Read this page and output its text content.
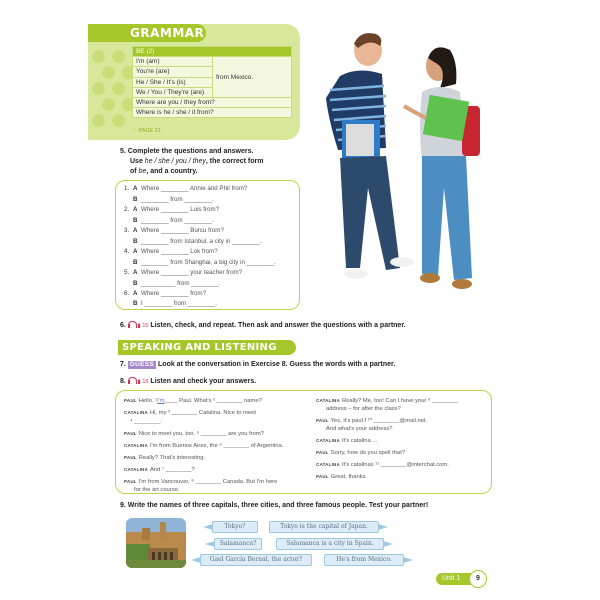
GRAMMAR
BE (2)
I'm (am)	from Mexico.
You're (are)
He / She / It's (is)
We / You / They're (are)
Where are you / they from?
Where is he / she / it from?
☞ PAGE 51
5. Complete the questions and answers.
Use he / she / you / they, the correct form
of be, and a country.
1. A Where ________ Annie and Phil from?
B ________ from ________.
2. A Where ________ Luis from?
B ________ from ________.
3. A Where ________ Burcu from?
B ________ from Istanbul, a city in ________.
4. A Where ________ Lok from?
B ________ from Shanghai, a big city in ________.
5. A Where ________ your teacher from?
B __________ from ________.
6. A Where ________ from?
B I ________ from ________.
6. 1.15 Listen, check, and repeat. Then ask and answer the questions with a partner.
SPEAKING AND LISTENING
7. GUESS Look at the conversation in Exercise 8. Guess the words with a partner.
8. 1.16 Listen and check your answers.
PAUL Hello. ¹I'm____ Paul. What's ² ________ name?
CATALINA Hi, my ³ ________ Catalina. Nice to meet
⁴ ________.
PAUL Nice to meet you, too. ⁵ ________ are you from?
CATALINA I'm from Buenos Aires, the ⁶ ________ of Argentina.
PAUL Really? That's interesting.
CATALINA And ⁷ ________?
PAUL I'm from Vancouver, ⁸ ________ Canada. But I'm here
for the art course.
CATALINA Really? Me, too! Can I have your ⁹ ________
address – for after the class?
PAUL Yes, it's paul.f ¹⁰ ________@mail.net.
And what's your address?
CATALINA It's catalina ...
PAUL Sorry, how do you spell that?
CATALINA It's catalinas ¹¹ ________@interchat.com.
PAUL Great, thanks.
9. Write the names of three capitals, three cities, and three famous people. Test your partner!
Tokyo?	Tokyo is the capital of Japan.
Salamanca?	Salamanca is a city in Spain.
Gael García Bernal, the actor?	He's from Mexico.
Unit 1	9
